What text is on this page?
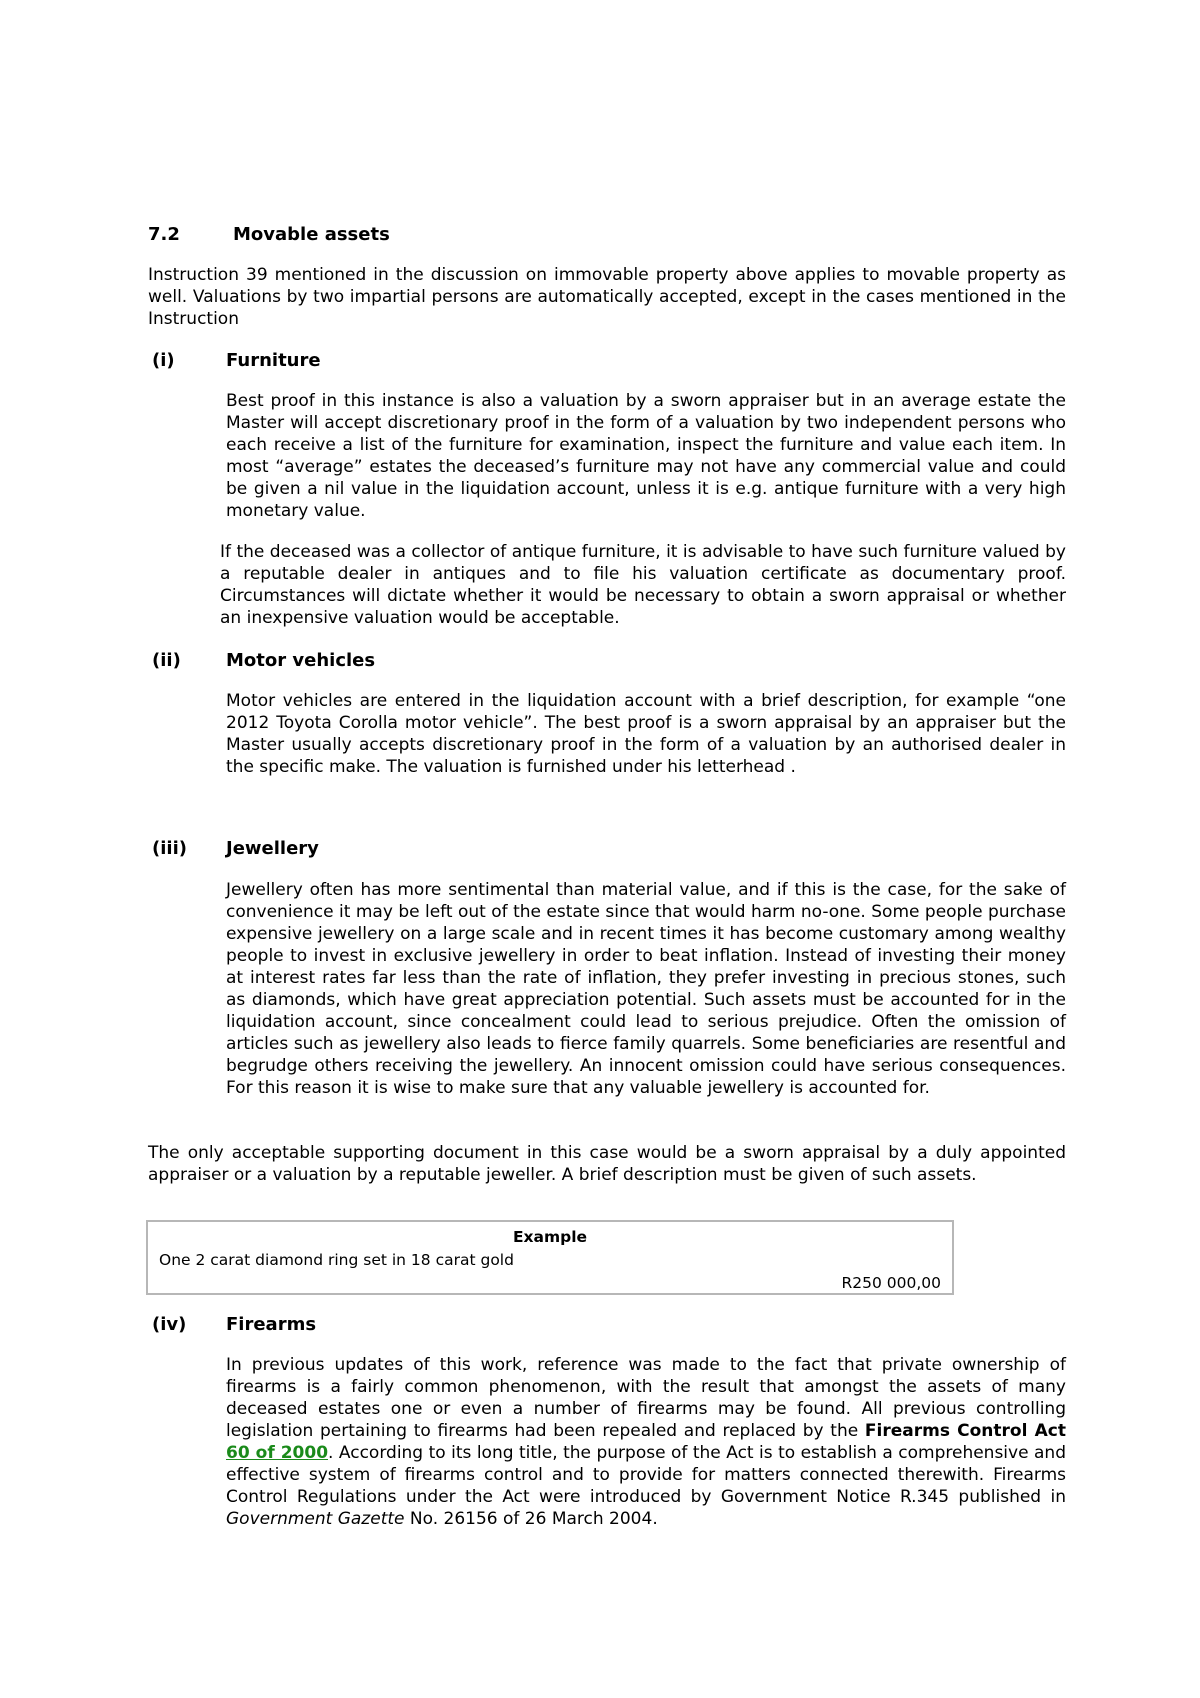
7.2	Movable assets

Instruction 39 mentioned in the discussion on immovable property above applies to movable property as well. Valuations by two impartial persons are automatically accepted, except in the cases mentioned in the Instruction

(i)	Furniture

Best proof in this instance is also a valuation by a sworn appraiser but in an average estate the Master will accept discretionary proof in the form of a valuation by two independent persons who each receive a list of the furniture for examination, inspect the furniture and value each item. In most “average” estates the deceased’s furniture may not have any commercial value and could be given a nil value in the liquidation account, unless it is e.g. antique furniture with a very high monetary value.

If the deceased was a collector of antique furniture, it is advisable to have such furniture valued by a reputable dealer in antiques and to file his valuation certificate as documentary proof. Circumstances will dictate whether it would be necessary to obtain a sworn appraisal or whether an inexpensive valuation would be acceptable.

(ii)	Motor vehicles

Motor vehicles are entered in the liquidation account with a brief description, for example “one 2012 Toyota Corolla motor vehicle”. The best proof is a sworn appraisal by an appraiser but the Master usually accepts discretionary proof in the form of a valuation by an authorised dealer in the specific make. The valuation is furnished under his letterhead .

(iii) Jewellery

Jewellery often has more sentimental than material value, and if this is the case, for the sake of convenience it may be left out of the estate since that would harm no-one. Some people purchase expensive jewellery on a large scale and in recent times it has become customary among wealthy people to invest in exclusive jewellery in order to beat inflation. Instead of investing their money at interest rates far less than the rate of inflation, they prefer investing in precious stones, such as diamonds, which have great appreciation potential. Such assets must be accounted for in the liquidation account, since concealment could lead to serious prejudice. Often the omission of articles such as jewellery also leads to fierce family quarrels. Some beneficiaries are resentful and begrudge others receiving the jewellery. An innocent omission could have serious consequences. For this reason it is wise to make sure that any valuable jewellery is accounted for.

The only acceptable supporting document in this case would be a sworn appraisal by a duly appointed appraiser or a valuation by a reputable jeweller. A brief description must be given of such assets.

Example
One 2 carat diamond ring set in 18 carat gold
R250 000,00
(iv) Firearms

In previous updates of this work, reference was made to the fact that private ownership of firearms is a fairly common phenomenon, with the result that amongst the assets of many deceased estates one or even a number of firearms may be found. All previous controlling legislation pertaining to firearms had been repealed and replaced by the Firearms Control Act 60 of 2000. According to its long title, the purpose of the Act is to establish a comprehensive and effective system of firearms control and to provide for matters connected therewith. Firearms Control Regulations under the Act were introduced by Government Notice R.345 published in Government Gazette No. 26156 of 26 March 2004.
